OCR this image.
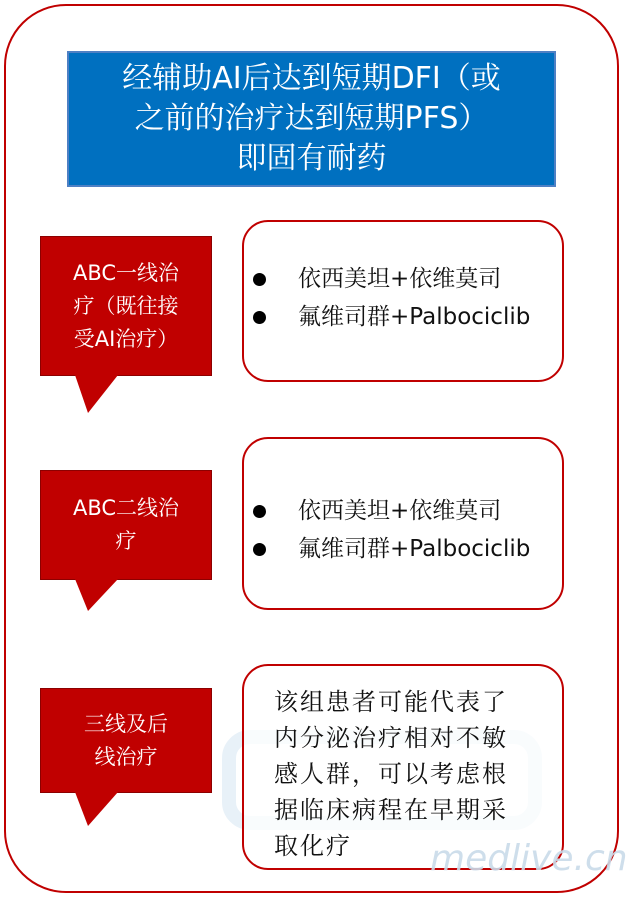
经辅助AI后达到短期DFI（或
之前的治疗达到短期PFS）
即固有耐药
ABC一线治
疗（既往接
受AI治疗）
依西美坦+依维莫司
氟维司群+Palbociclib
ABC二线治
疗
依西美坦+依维莫司
氟维司群+Palbociclib
三线及后
线治疗
该组患者可能代表了
内分泌治疗相对不敏
感人群，可以考虑根
据临床病程在早期采
取化疗	medlive.cn
